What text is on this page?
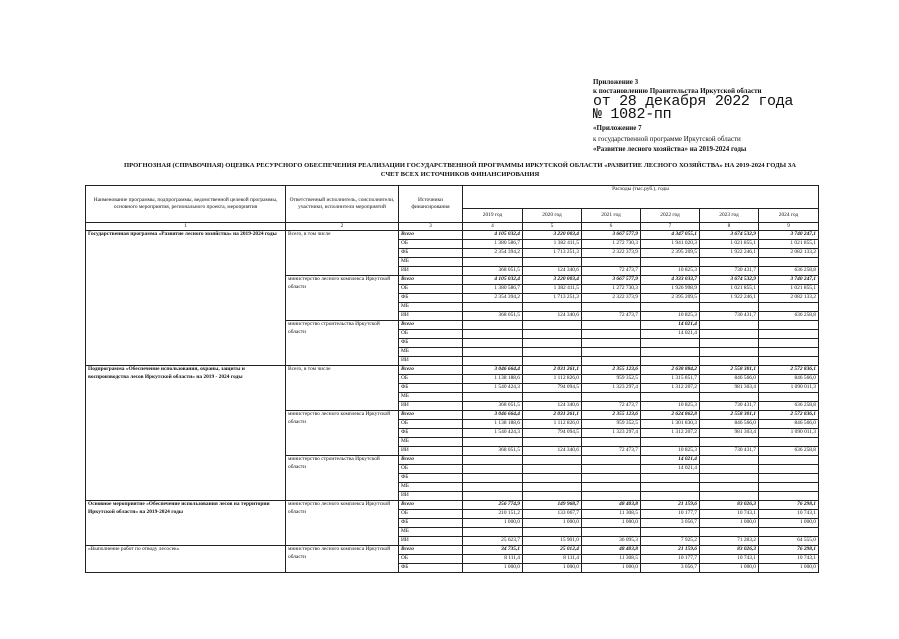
Приложение 3
к постановлению Правительства Иркутской области
от 28 декабря 2022 года
№ 1082-пп
«Приложение 7
к государственной программе Иркутской области
«Развитие лесного хозяйства» на 2019-2024 годы
ПРОГНОЗНАЯ (СПРАВОЧНАЯ) ОЦЕНКА РЕСУРСНОГО ОБЕСПЕЧЕНИЯ РЕАЛИЗАЦИИ ГОСУДАРСТВЕННОЙ ПРОГРАММЫ ИРКУТСКОЙ ОБЛАСТИ «РАЗВИТИЕ ЛЕСНОГО ХОЗЯЙСТВА» НА 2019-2024 ГОДЫ ЗА
СЧЕТ ВСЕХ ИСТОЧНИКОВ ФИНАНСИРОВАНИЯ
Наименование программы, подпрограммы, ведомственной целевой программы, основного мероприятия, регионального проекта, мероприятия	Ответственный исполнитель, соисполнители, участники, исполнители мероприятий	Источники финансирования	Расходы (тыс.руб.), годы					
			2019 год	2020 год	2021 год	2022 год	2023 год	2024 год
1	2	3	4	5	6	7	8	9
Государственная программа «Развитие лесного хозяйства» на 2019-2024 годы	Всего, в том числе	Всего	4 105 032,4	3 220 003,4	3 667 577,9	4 347 055,1	3 674 532,9	3 740 247,1
		ОБ	1 380 586,7	1 382 411,5	1 272 730,3	1 941 020,3	1 021 855,1	1 021 855,1
		ФБ	2 354 394,2	1 713 251,3	2 322 373,9	2 395 209,5	1 922 246,1	2 082 133,2
		МБ						
		ИИ	368 051,5	124 340,6	72 473,7	10 825,3	730 431,7	636 258,8
	министерство лесного комплекса Иркутской области	Всего	4 105 032,4	3 220 003,4	3 667 577,9	4 333 033,7	3 674 532,9	3 740 247,1
		ОБ	1 380 586,7	1 382 411,5	1 272 730,3	1 926 998,9	1 021 855,1	1 021 855,1
		ФБ	2 354 394,2	1 713 251,3	2 322 373,9	2 395 209,5	1 922 246,1	2 082 133,2
		МБ						
		ИИ	368 051,5	124 340,6	72 473,7	10 825,3	730 431,7	636 258,8
	министерство строительства Иркутской области	Всего				14 021,4		
		ОБ				14 021,4		
		ФБ						
		МБ						
		ИИ						
Подпрограмма «Обеспечение использования, охраны, защиты и воспроизводства лесов Иркутской области» на 2019 - 2024 годы	Всего, в том числе	Всего	3 046 664,4	2 031 261,1	2 355 123,6	2 638 884,2	2 558 301,1	2 572 836,1
		ОБ	1 138 188,6	1 112 826,0	959 352,5	1 315 851,7	846 566,0	846 566,0
		ФБ	1 540 424,3	794 094,5	1 323 297,4	1 312 207,2	981 303,4	1 090 011,3
		МБ						
		ИИ	368 051,5	124 340,6	72 473,7	10 825,3	730 431,7	636 258,8
	министерство лесного комплекса Иркутской области	Всего	3 046 664,4	2 031 261,1	2 355 123,6	2 624 862,8	2 558 301,1	2 572 836,1
		ОБ	1 138 188,6	1 112 826,0	959 352,5	1 301 830,3	846 566,0	846 566,0
		ФБ	1 540 424,3	794 094,5	1 323 297,4	1 312 207,2	981 303,4	1 090 011,3
		МБ						
		ИИ	368 051,5	124 340,6	72 473,7	10 825,3	730 431,7	636 258,8
	министерство строительства Иркутской области	Всего				14 021,4		
		ОБ				14 021,4		
		ФБ						
		МБ						
		ИИ						
Основное мероприятие «Обеспечение использования лесов на территории Иркутской области» на 2019-2024 годы	министерство лесного комплекса Иркутской области	Всего	256 774,9	149 968,7	48 403,8	21 159,6	83 026,3	76 298,1
		ОБ	210 151,2	133 067,7	11 308,5	10 177,7	10 743,1	10 743,1
		ФБ	1 000,0	1 000,0	1 000,0	3 056,7	1 000,0	1 000,0
		МБ						
		ИИ	25 623,7	15 901,0	36 095,3	7 925,2	71 283,2	64 555,0
«Выполнение работ по отводу лесосек»	министерство лесного комплекса Иркутской области	Всего	34 735,1	25 012,4	48 403,8	21 159,6	83 026,3	76 298,1
		ОБ	8 111,4	8 111,4	11 308,5	10 177,7	10 743,1	10 743,1
		ФБ	1 000,0	1 000,0	1 000,0	3 056,7	1 000,0	1 000,0
